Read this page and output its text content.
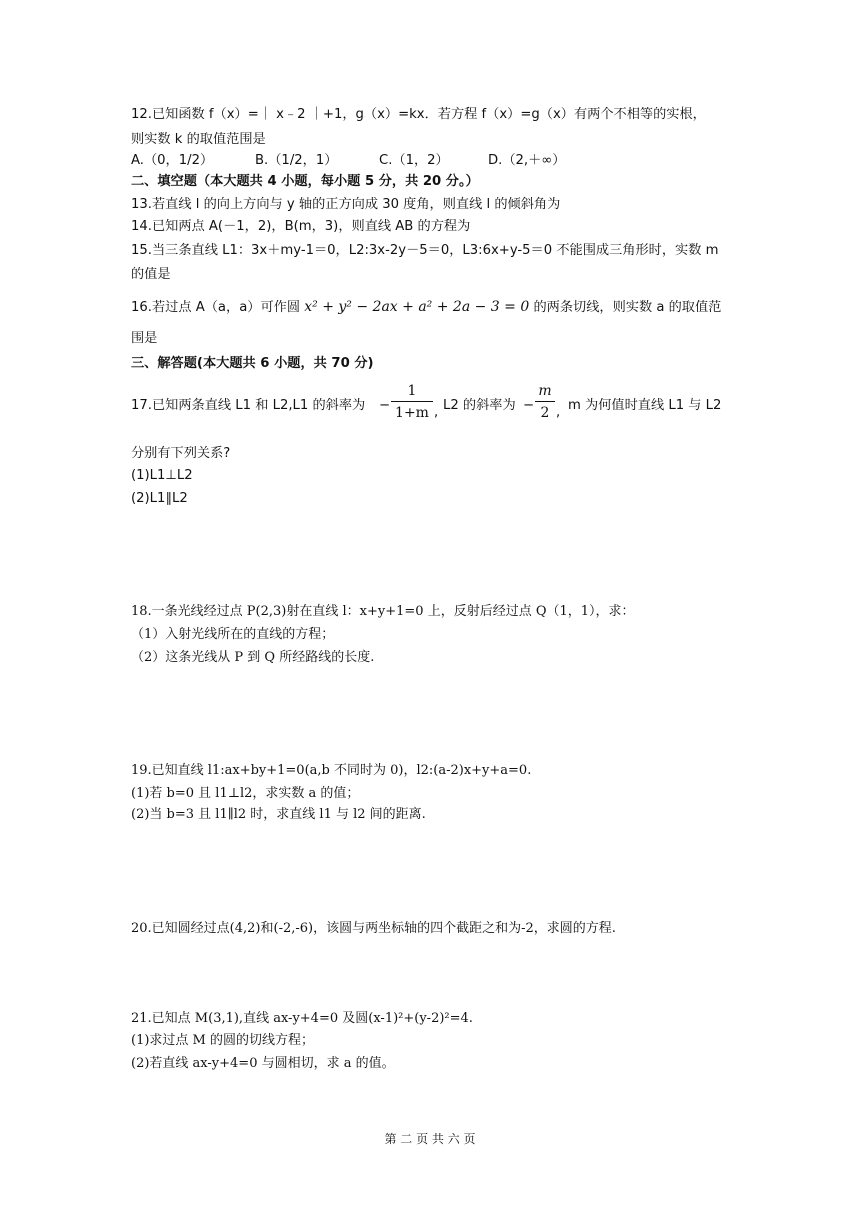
12.已知函数 f（x）=｜ x﹣2 ｜+1，g（x）=kx．若方程 f（x）=g（x）有两个不相等的实根，
则实数 k 的取值范围是
A.（0，1/2）	B.（1/2，1）	C.（1，2）	D.（2,＋∞）
二、填空题（本大题共 4 小题，每小题 5 分，共 20 分。）
13.若直线 l 的向上方向与 y 轴的正方向成 30 度角，则直线 l 的倾斜角为
14.已知两点 A(－1，2)，B(m，3)，则直线 AB 的方程为
15.当三条直线 L1：3x＋my-1＝0，L2:3x-2y－5＝0，L3:6x+y-5＝0 不能围成三角形时，实数 m
的值是
16.若过点 A（a，a）可作圆 x² + y² − 2ax + a² + 2a − 3 = 0 的两条切线，则实数 a 的取值范
围是
三、解答题(本大题共 6 小题，共 70 分)
17.已知两条直线 L1 和 L2,L1 的斜率为 −
1
1+m , L2 的斜率为 −
m
2 , m 为何值时直线 L1 与 L2
分别有下列关系?
(1)L1⊥L2
(2)L1∥L2
18.一条光线经过点 P(2,3)射在直线 l：x+y+1=0 上，反射后经过点 Q（1，1），求：
（1）入射光线所在的直线的方程；
（2）这条光线从 P 到 Q 所经路线的长度.
19.已知直线 l1:ax+by+1=0(a,b 不同时为 0)，l2:(a-2)x+y+a=0.
(1)若 b=0 且 l1⊥l2，求实数 a 的值；
(2)当 b=3 且 l1∥l2 时，求直线 l1 与 l2 间的距离.
20.已知圆经过点(4,2)和(-2,-6)，该圆与两坐标轴的四个截距之和为-2，求圆的方程.
21.已知点 M(3,1),直线 ax-y+4=0 及圆(x-1)²+(y-2)²=4.
(1)求过点 M 的圆的切线方程；
(2)若直线 ax-y+4=0 与圆相切，求 a 的值。
第 二 页 共 六 页
